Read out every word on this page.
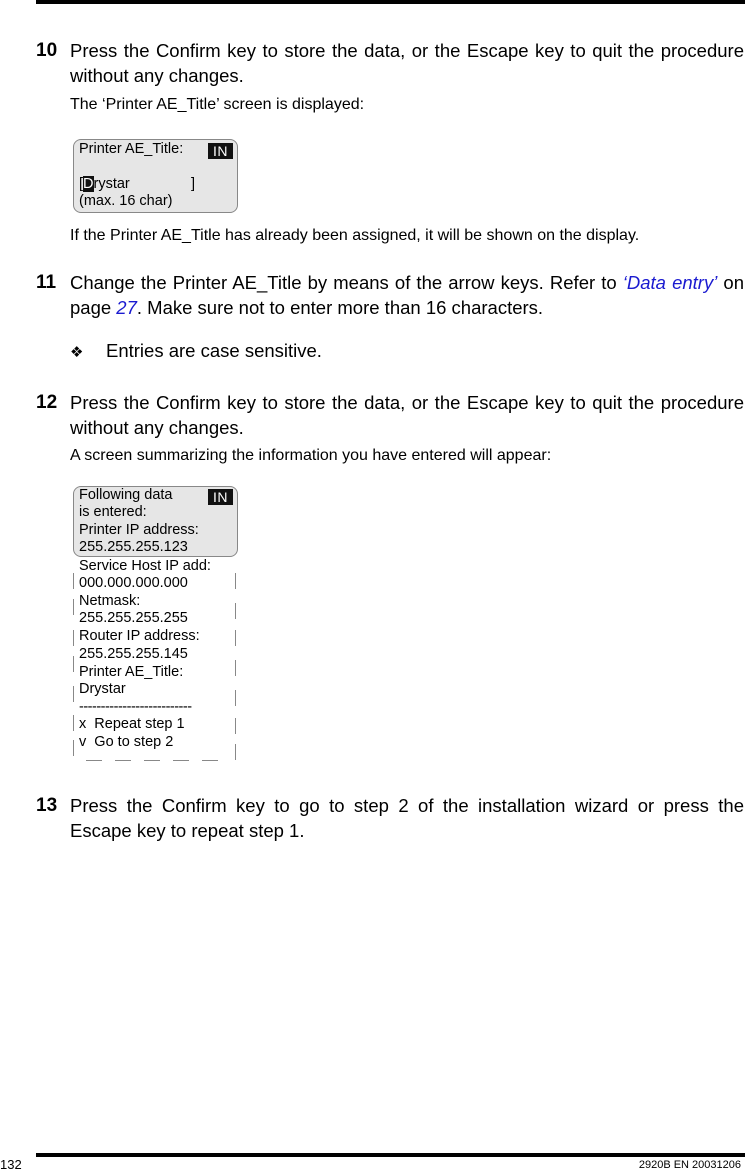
10 Press the Confirm key to store the data, or the Escape key to quit the procedure without any changes.
The ‘Printer AE_Title’ screen is displayed:
Printer AE_Title:	IN
[Drystar	]
(max. 16 char)
If the Printer AE_Title has already been assigned, it will be shown on the display.
11 Change the Printer AE_Title by means of the arrow keys. Refer to ‘Data entry’ on page 27. Make sure not to enter more than 16 characters.
❖ Entries are case sensitive.
12 Press the Confirm key to store the data, or the Escape key to quit the procedure without any changes.
A screen summarizing the information you have entered will appear:
IN
Following data
is entered:
Printer IP address:
255.255.255.123
Service Host IP add:
000.000.000.000
Netmask:
255.255.255.255
Router IP address:
255.255.255.145
Printer AE_Title:
Drystar
--------------------------
x  Repeat step 1
v  Go to step 2
13 Press the Confirm key to go to step 2 of the installation wizard or press the Escape key to repeat step 1.
132	2920B EN 20031206
